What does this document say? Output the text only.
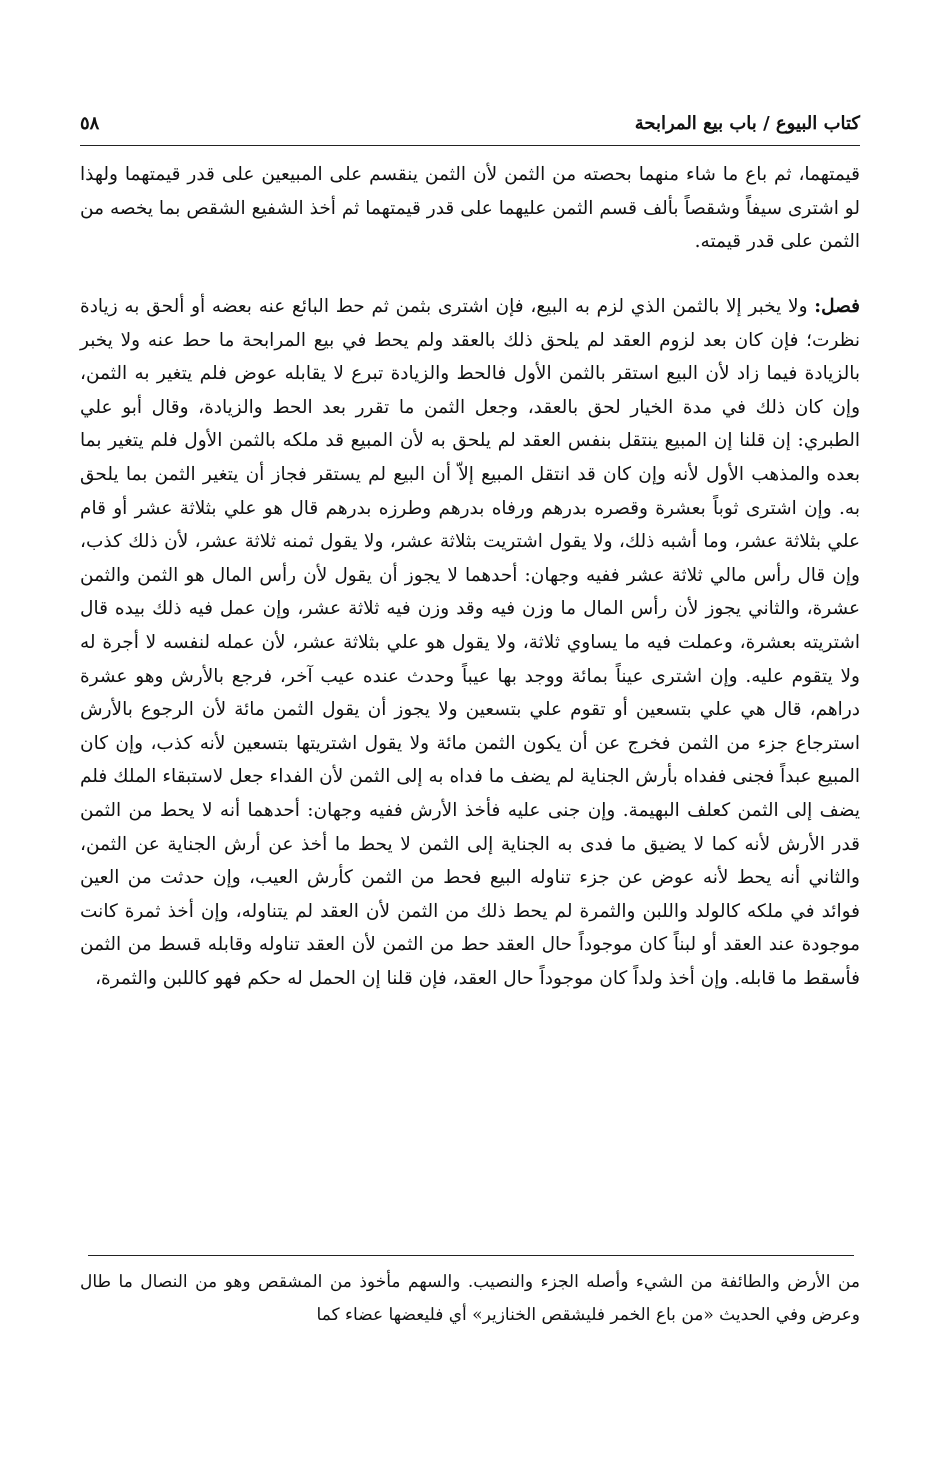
كتاب البيوع / باب بيع المرابحة
٥٨
قيمتهما، ثم باع ما شاء منهما بحصته من الثمن لأن الثمن ينقسم على المبيعين على قدر قيمتهما ولهذا لو اشترى سيفاً وشقصاً بألف قسم الثمن عليهما على قدر قيمتهما ثم أخذ الشفيع الشقص بما يخصه من الثمن على قدر قيمته.
فصل: ولا يخبر إلا بالثمن الذي لزم به البيع، فإن اشترى بثمن ثم حط البائع عنه بعضه أو ألحق به زيادة نظرت؛ فإن كان بعد لزوم العقد لم يلحق ذلك بالعقد ولم يحط في بيع المرابحة ما حط عنه ولا يخبر بالزيادة فيما زاد لأن البيع استقر بالثمن الأول فالحط والزيادة تبرع لا يقابله عوض فلم يتغير به الثمن، وإن كان ذلك في مدة الخيار لحق بالعقد، وجعل الثمن ما تقرر بعد الحط والزيادة، وقال أبو علي الطبري: إن قلنا إن المبيع ينتقل بنفس العقد لم يلحق به لأن المبيع قد ملكه بالثمن الأول فلم يتغير بما بعده والمذهب الأول لأنه وإن كان قد انتقل المبيع إلاّ أن البيع لم يستقر فجاز أن يتغير الثمن بما يلحق به. وإن اشترى ثوباً بعشرة وقصره بدرهم ورفاه بدرهم وطرزه بدرهم قال هو علي بثلاثة عشر أو قام علي بثلاثة عشر، وما أشبه ذلك، ولا يقول اشتريت بثلاثة عشر، ولا يقول ثمنه ثلاثة عشر، لأن ذلك كذب، وإن قال رأس مالي ثلاثة عشر ففيه وجهان: أحدهما لا يجوز أن يقول لأن رأس المال هو الثمن والثمن عشرة، والثاني يجوز لأن رأس المال ما وزن فيه وقد وزن فيه ثلاثة عشر، وإن عمل فيه ذلك بيده قال اشتريته بعشرة، وعملت فيه ما يساوي ثلاثة، ولا يقول هو علي بثلاثة عشر، لأن عمله لنفسه لا أجرة له ولا يتقوم عليه. وإن اشترى عيناً بمائة ووجد بها عيباً وحدث عنده عيب آخر، فرجع بالأرش وهو عشرة دراهم، قال هي علي بتسعين أو تقوم علي بتسعين ولا يجوز أن يقول الثمن مائة لأن الرجوع بالأرش استرجاع جزء من الثمن فخرج عن أن يكون الثمن مائة ولا يقول اشتريتها بتسعين لأنه كذب، وإن كان المبيع عبداً فجنى ففداه بأرش الجناية لم يضف ما فداه به إلى الثمن لأن الفداء جعل لاستبقاء الملك فلم يضف إلى الثمن كعلف البهيمة. وإن جنى عليه فأخذ الأرش ففيه وجهان: أحدهما أنه لا يحط من الثمن قدر الأرش لأنه كما لا يضيق ما فدى به الجناية إلى الثمن لا يحط ما أخذ عن أرش الجناية عن الثمن، والثاني أنه يحط لأنه عوض عن جزء تناوله البيع فحط من الثمن كأرش العيب، وإن حدثت من العين فوائد في ملكه كالولد واللبن والثمرة لم يحط ذلك من الثمن لأن العقد لم يتناوله، وإن أخذ ثمرة كانت موجودة عند العقد أو لبناً كان موجوداً حال العقد حط من الثمن لأن العقد تناوله وقابله قسط من الثمن فأسقط ما قابله. وإن أخذ ولداً كان موجوداً حال العقد، فإن قلنا إن الحمل له حكم فهو كاللبن والثمرة،
من الأرض والطائفة من الشيء وأصله الجزء والنصيب. والسهم مأخوذ من المشقص وهو من النصال ما طال وعرض وفي الحديث «من باع الخمر فليشقص الخنازير» أي فليعضها عضاء كما
